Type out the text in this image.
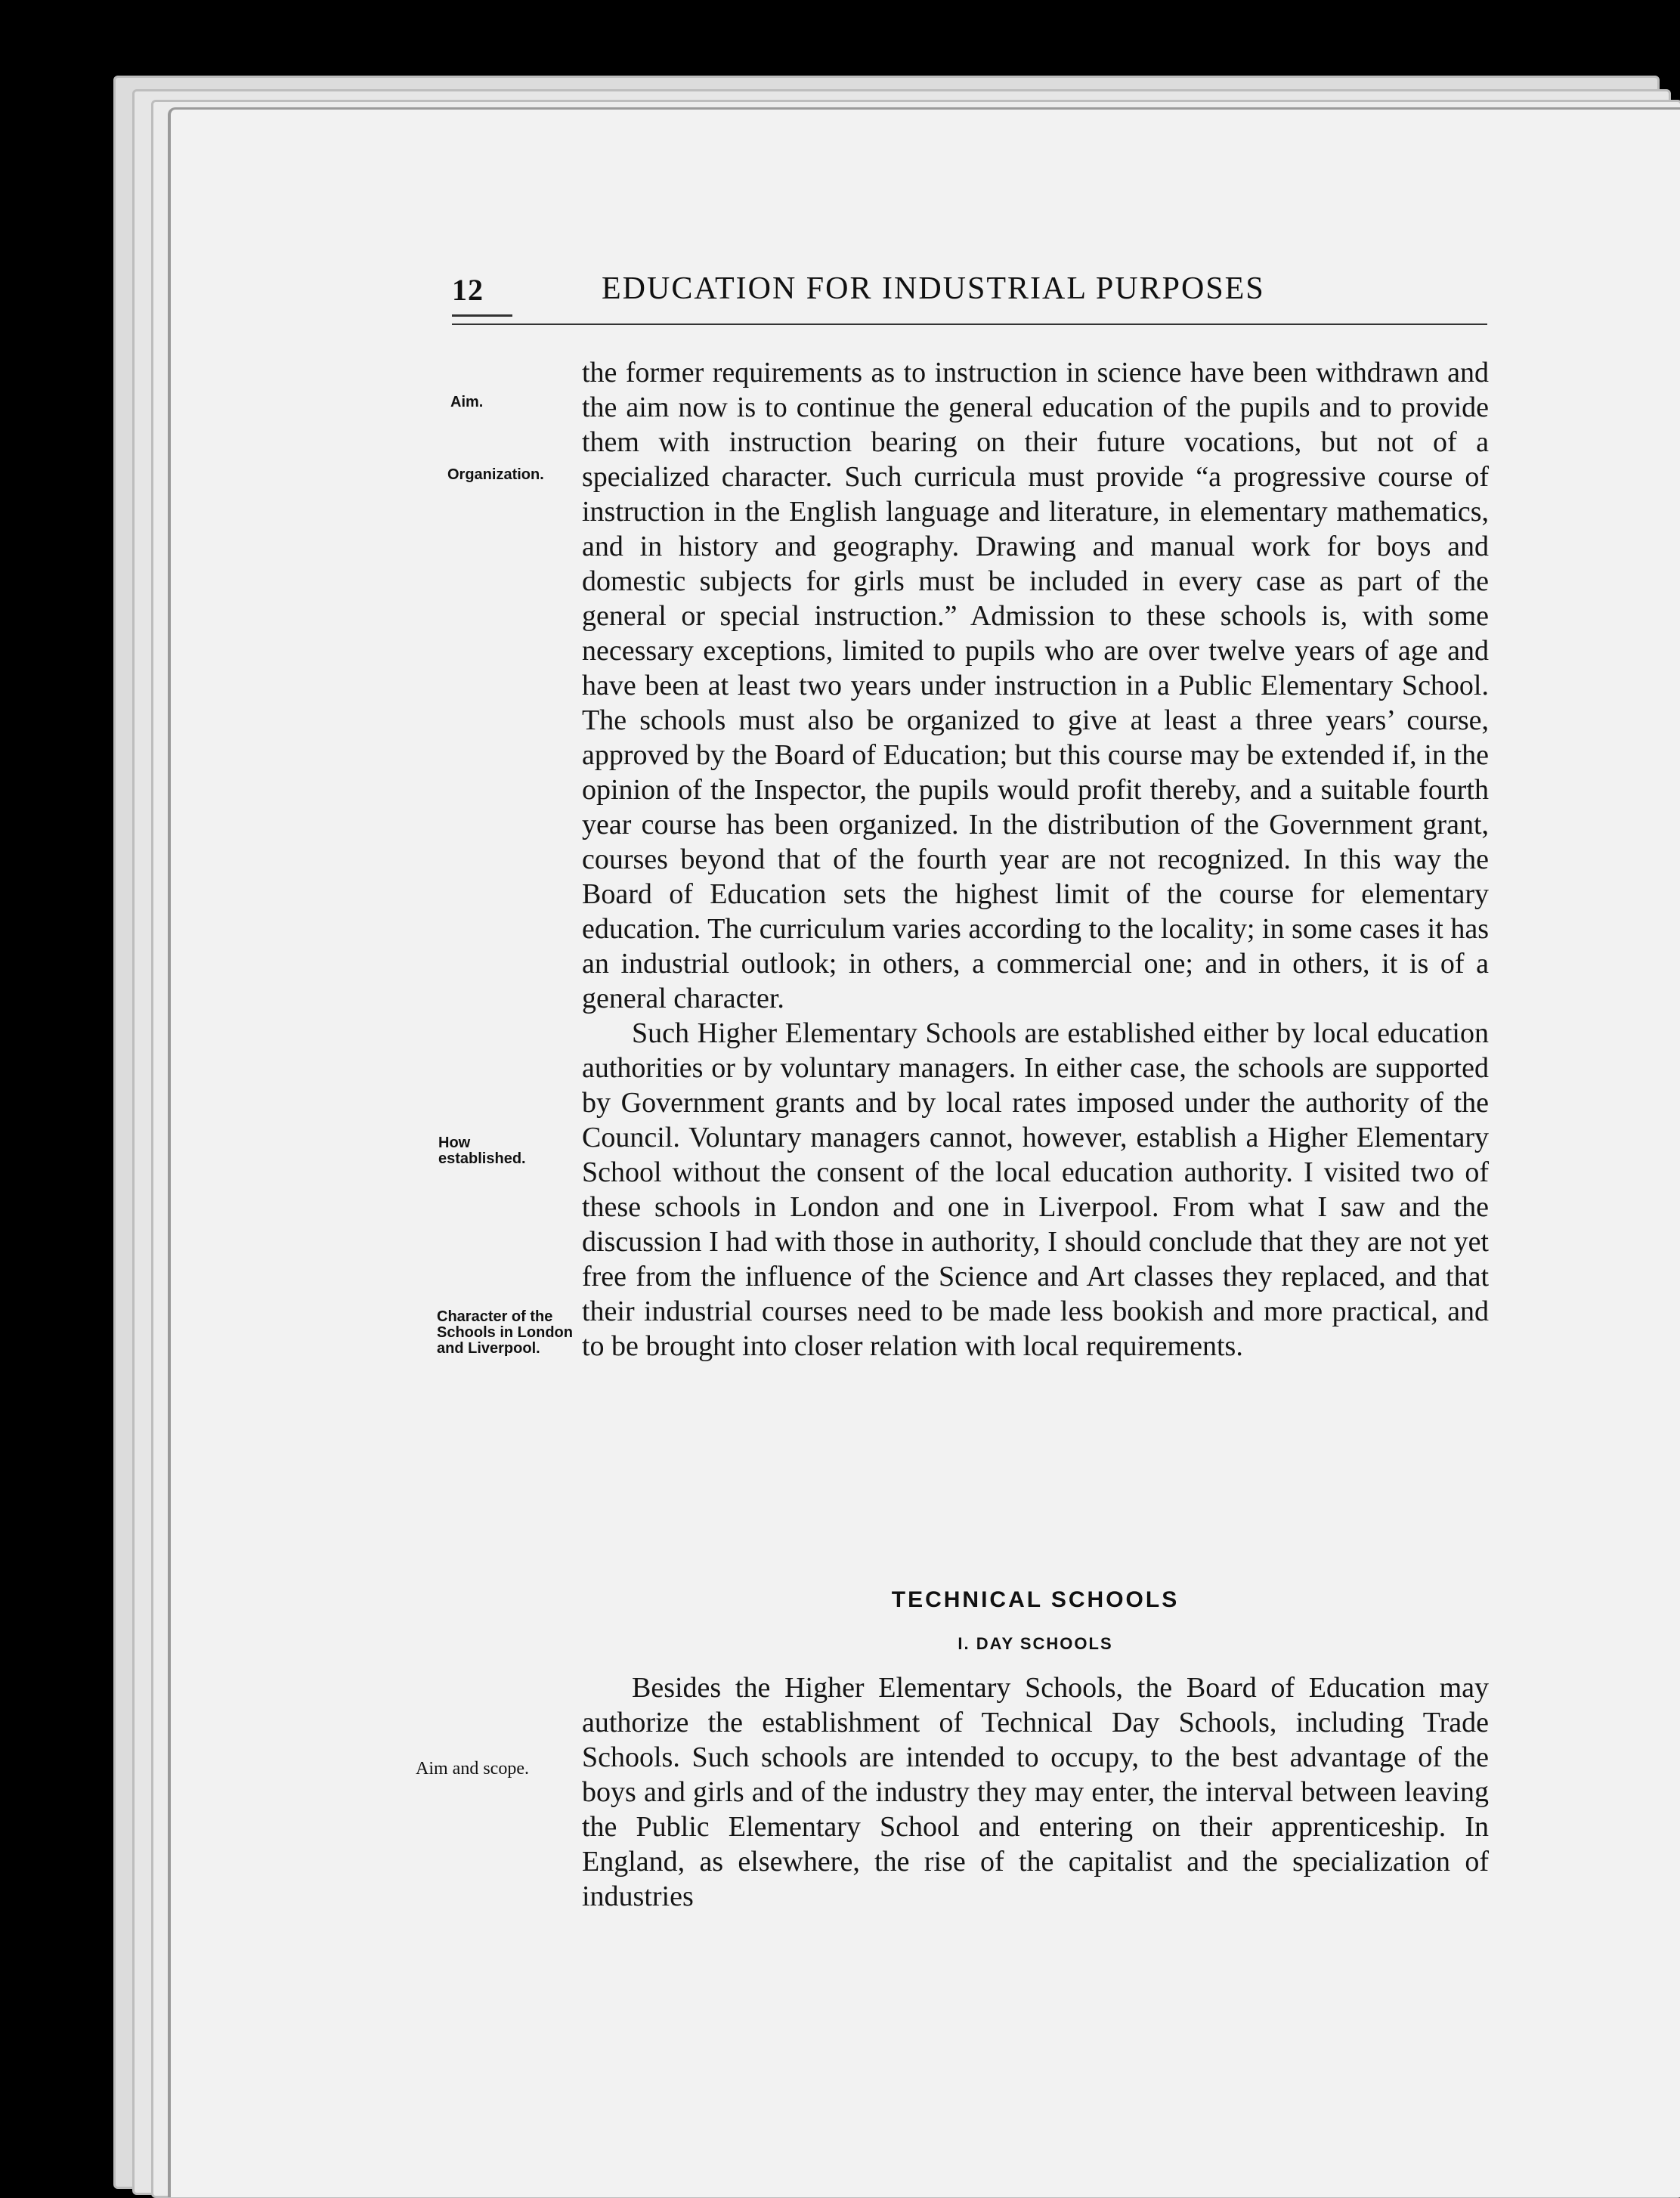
12	EDUCATION FOR INDUSTRIAL PURPOSES
Aim.
Organization.
How established.
Character of the Schools in London and Liverpool.
Aim and scope.

the former requirements as to instruction in science have been withdrawn and the aim now is to continue the general education of the pupils and to provide them with instruction bearing on their future vocations, but not of a specialized character. Such curricula must provide “a progressive course of instruction in the English language and literature, in elementary mathematics, and in history and geography. Drawing and manual work for boys and domestic subjects for girls must be included in every case as part of the general or special instruction.” Admission to these schools is, with some necessary exceptions, limited to pupils who are over twelve years of age and have been at least two years under instruction in a Public Elementary School. The schools must also be organized to give at least a three years’ course, approved by the Board of Education; but this course may be extended if, in the opinion of the Inspector, the pupils would profit thereby, and a suitable fourth year course has been organized. In the distribution of the Government grant, courses beyond that of the fourth year are not recognized. In this way the Board of Education sets the highest limit of the course for elementary education. The curriculum varies according to the locality; in some cases it has an industrial outlook; in others, a commercial one; and in others, it is of a general character.

Such Higher Elementary Schools are established either by local education authorities or by voluntary managers. In either case, the schools are supported by Government grants and by local rates imposed under the authority of the Council. Voluntary managers cannot, however, establish a Higher Elementary School without the consent of the local education authority. I visited two of these schools in London and one in Liverpool. From what I saw and the discussion I had with those in authority, I should conclude that they are not yet free from the influence of the Science and Art classes they replaced, and that their industrial courses need to be made less bookish and more practical, and to be brought into closer relation with local requirements.

TECHNICAL SCHOOLS
I. DAY SCHOOLS

Besides the Higher Elementary Schools, the Board of Education may authorize the establishment of Technical Day Schools, including Trade Schools. Such schools are intended to occupy, to the best advantage of the boys and girls and of the industry they may enter, the interval between leaving the Public Elementary School and entering on their apprenticeship. In England, as elsewhere, the rise of the capitalist and the specialization of industries
